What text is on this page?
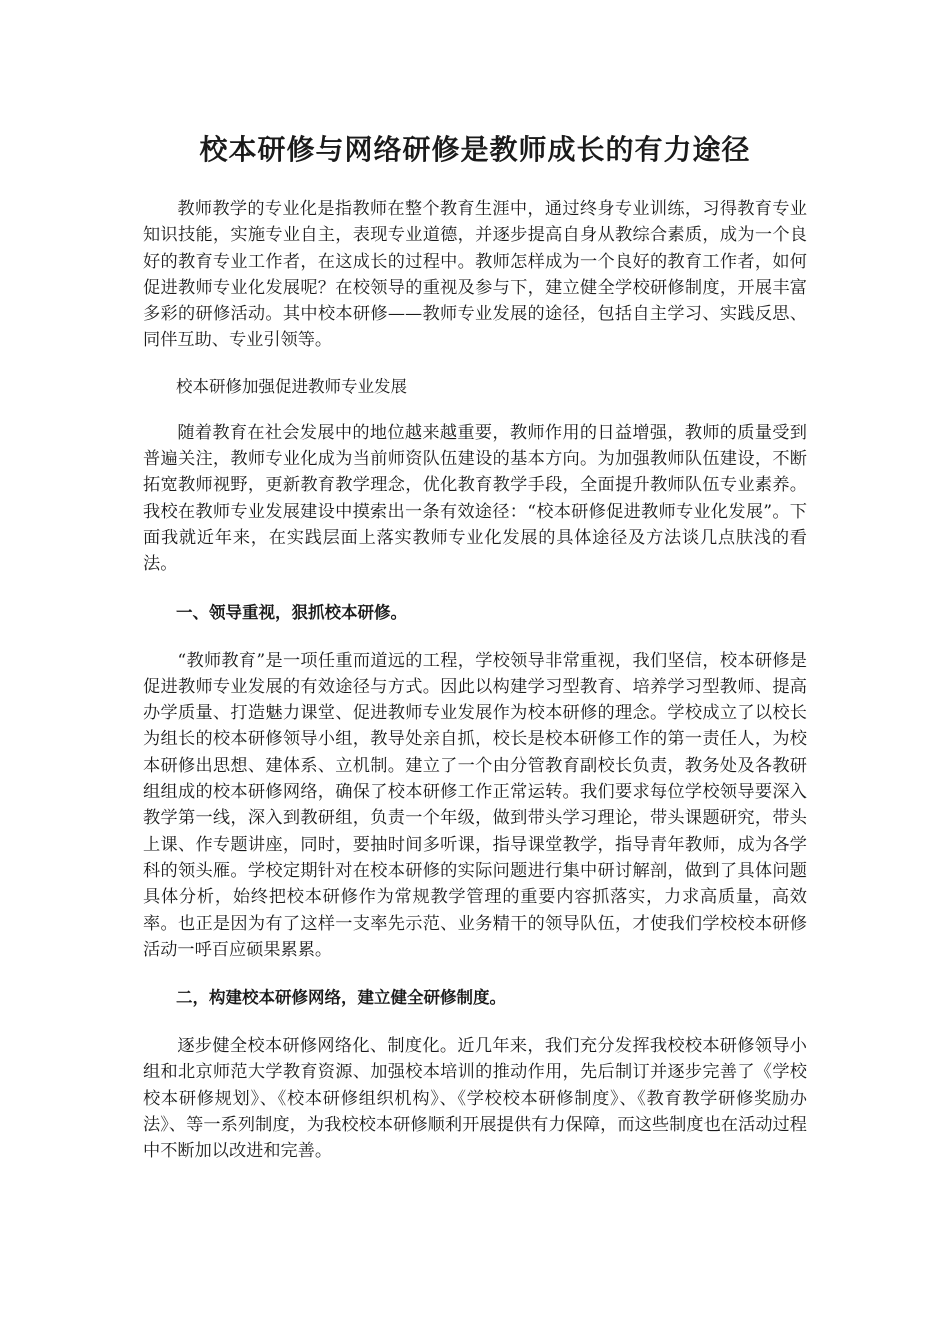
校本研修与网络研修是教师成长的有力途径

教师教学的专业化是指教师在整个教育生涯中，通过终身专业训练，习得教育专业知识技能，实施专业自主，表现专业道德，并逐步提高自身从教综合素质，成为一个良好的教育专业工作者，在这成长的过程中。教师怎样成为一个良好的教育工作者，如何促进教师专业化发展呢？在校领导的重视及参与下，建立健全学校研修制度，开展丰富多彩的研修活动。其中校本研修——教师专业发展的途径，包括自主学习、实践反思、同伴互助、专业引领等。

校本研修加强促进教师专业发展

随着教育在社会发展中的地位越来越重要，教师作用的日益增强，教师的质量受到普遍关注，教师专业化成为当前师资队伍建设的基本方向。为加强教师队伍建设，不断拓宽教师视野，更新教育教学理念，优化教育教学手段，全面提升教师队伍专业素养。我校在教师专业发展建设中摸索出一条有效途径：“校本研修促进教师专业化发展”。下面我就近年来，在实践层面上落实教师专业化发展的具体途径及方法谈几点肤浅的看法。

一、领导重视，狠抓校本研修。

“教师教育”是一项任重而道远的工程，学校领导非常重视，我们坚信，校本研修是促进教师专业发展的有效途径与方式。因此以构建学习型教育、培养学习型教师、提高办学质量、打造魅力课堂、促进教师专业发展作为校本研修的理念。学校成立了以校长为组长的校本研修领导小组，教导处亲自抓，校长是校本研修工作的第一责任人，为校本研修出思想、建体系、立机制。建立了一个由分管教育副校长负责，教务处及各教研组组成的校本研修网络，确保了校本研修工作正常运转。我们要求每位学校领导要深入教学第一线，深入到教研组，负责一个年级，做到带头学习理论，带头课题研究，带头上课、作专题讲座，同时，要抽时间多听课，指导课堂教学，指导青年教师，成为各学科的领头雁。学校定期针对在校本研修的实际问题进行集中研讨解剖，做到了具体问题具体分析，始终把校本研修作为常规教学管理的重要内容抓落实，力求高质量，高效率。也正是因为有了这样一支率先示范、业务精干的领导队伍，才使我们学校校本研修活动一呼百应硕果累累。

二，构建校本研修网络，建立健全研修制度。

逐步健全校本研修网络化、制度化。近几年来，我们充分发挥我校校本研修领导小组和北京师范大学教育资源、加强校本培训的推动作用，先后制订并逐步完善了《学校校本研修规划》、《校本研修组织机构》、《学校校本研修制度》、《教育教学研修奖励办法》、等一系列制度，为我校校本研修顺利开展提供有力保障，而这些制度也在活动过程中不断加以改进和完善。
